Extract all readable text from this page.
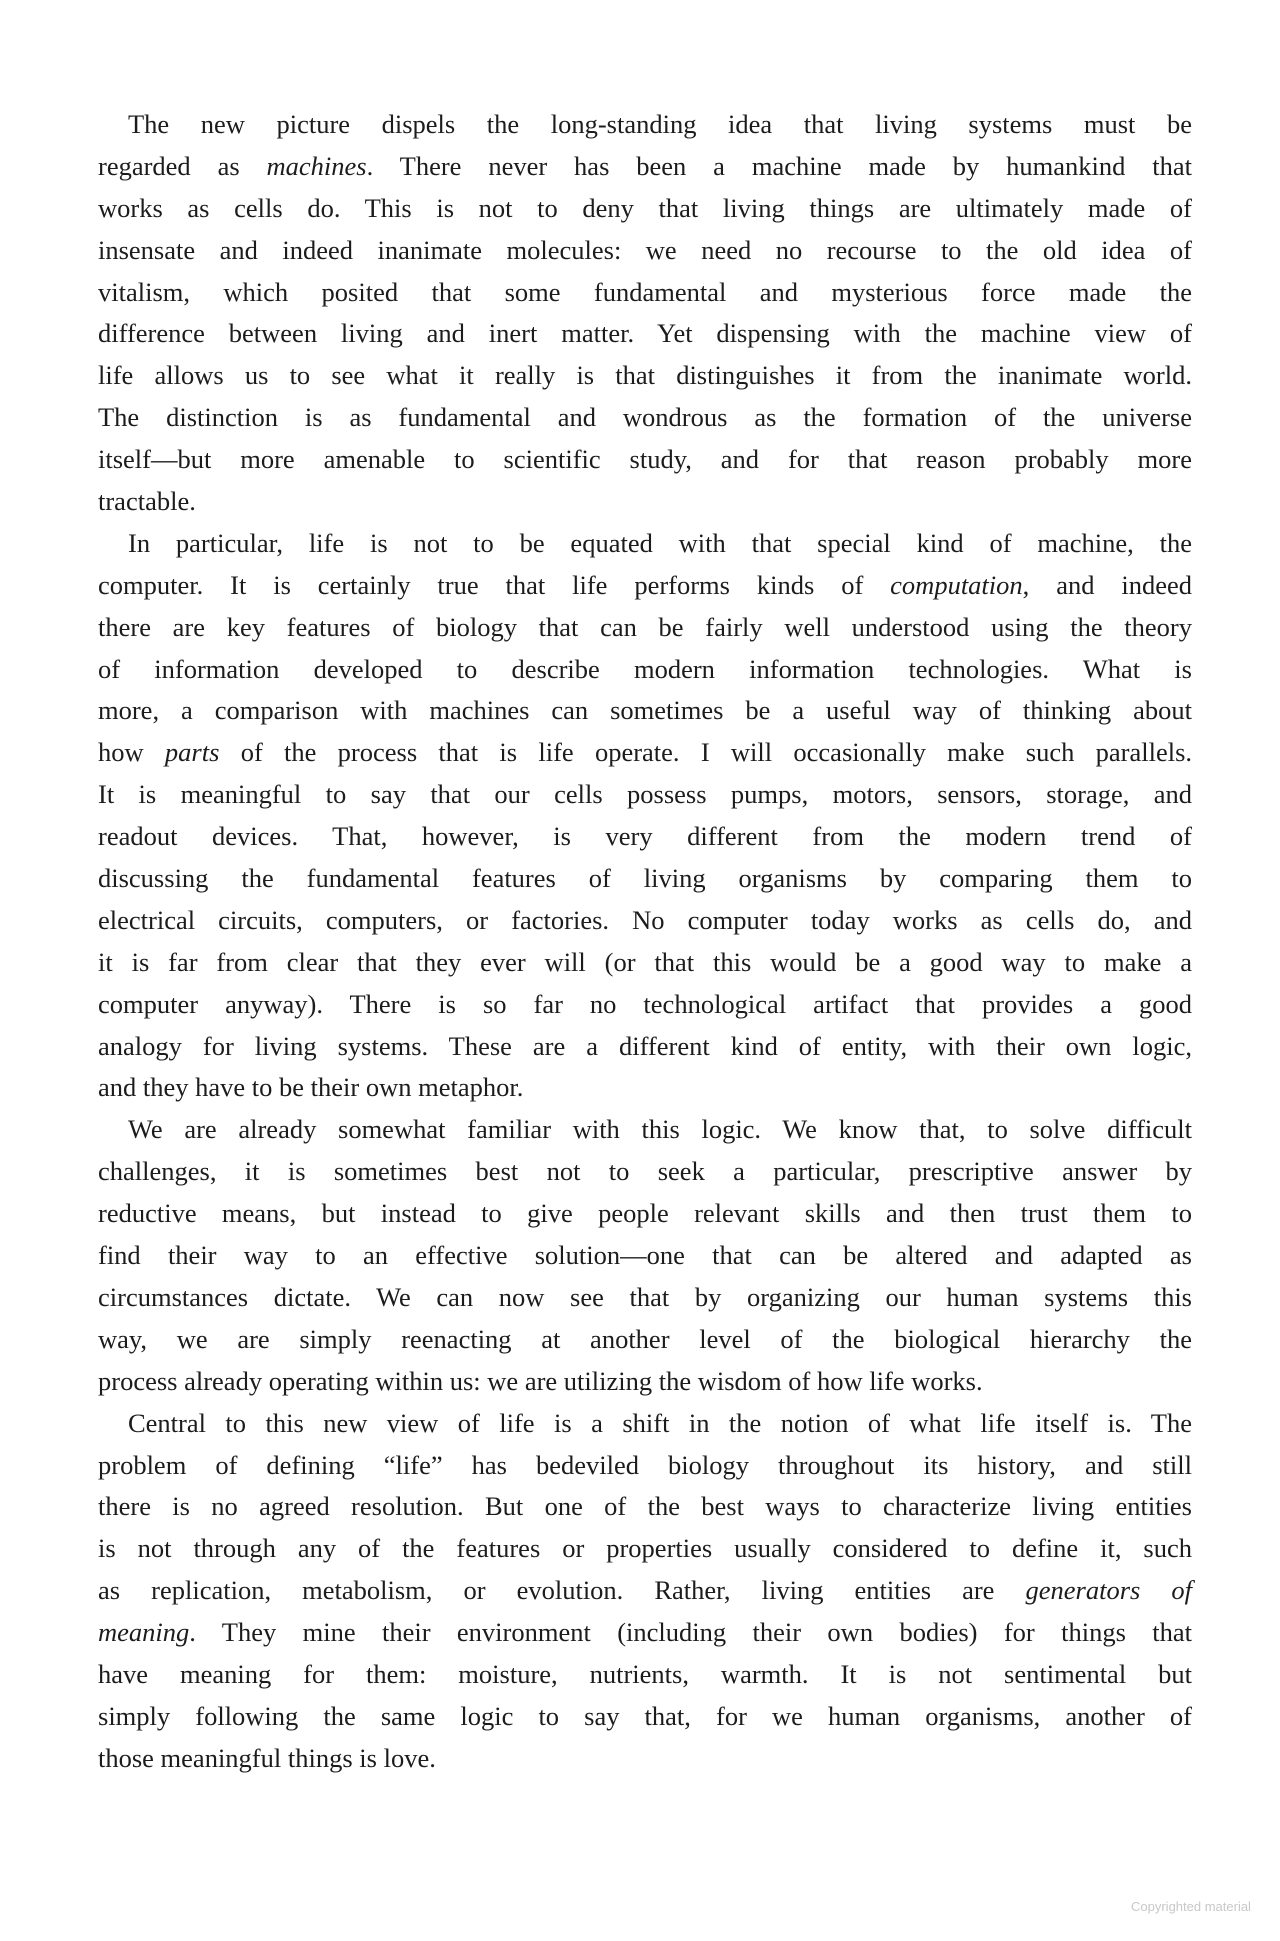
The new picture dispels the long-standing idea that living systems must be
regarded as machines. There never has been a machine made by humankind that
works as cells do. This is not to deny that living things are ultimately made of
insensate and indeed inanimate molecules: we need no recourse to the old idea of
vitalism, which posited that some fundamental and mysterious force made the
difference between living and inert matter. Yet dispensing with the machine view of
life allows us to see what it really is that distinguishes it from the inanimate world.
The distinction is as fundamental and wondrous as the formation of the universe
itself—but more amenable to scientific study, and for that reason probably more
tractable.
In particular, life is not to be equated with that special kind of machine, the
computer. It is certainly true that life performs kinds of computation, and indeed
there are key features of biology that can be fairly well understood using the theory
of information developed to describe modern information technologies. What is
more, a comparison with machines can sometimes be a useful way of thinking about
how parts of the process that is life operate. I will occasionally make such parallels.
It is meaningful to say that our cells possess pumps, motors, sensors, storage, and
readout devices. That, however, is very different from the modern trend of
discussing the fundamental features of living organisms by comparing them to
electrical circuits, computers, or factories. No computer today works as cells do, and
it is far from clear that they ever will (or that this would be a good way to make a
computer anyway). There is so far no technological artifact that provides a good
analogy for living systems. These are a different kind of entity, with their own logic,
and they have to be their own metaphor.
We are already somewhat familiar with this logic. We know that, to solve difficult
challenges, it is sometimes best not to seek a particular, prescriptive answer by
reductive means, but instead to give people relevant skills and then trust them to
find their way to an effective solution—one that can be altered and adapted as
circumstances dictate. We can now see that by organizing our human systems this
way, we are simply reenacting at another level of the biological hierarchy the
process already operating within us: we are utilizing the wisdom of how life works.
Central to this new view of life is a shift in the notion of what life itself is. The
problem of defining “life” has bedeviled biology throughout its history, and still
there is no agreed resolution. But one of the best ways to characterize living entities
is not through any of the features or properties usually considered to define it, such
as replication, metabolism, or evolution. Rather, living entities are generators of
meaning. They mine their environment (including their own bodies) for things that
have meaning for them: moisture, nutrients, warmth. It is not sentimental but
simply following the same logic to say that, for we human organisms, another of
those meaningful things is love.
Copyrighted material
